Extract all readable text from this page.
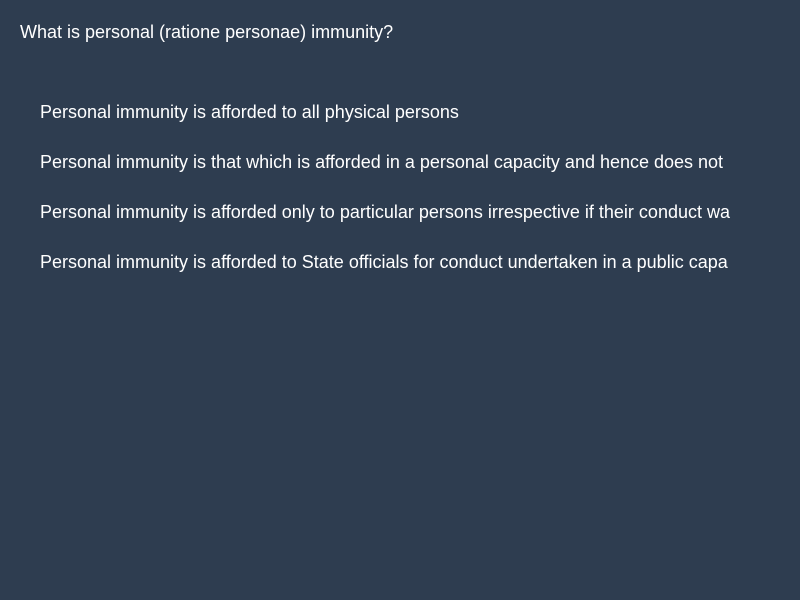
What is personal (ratione personae) immunity?
Personal immunity is afforded to all physical persons
Personal immunity is that which is afforded in a personal capacity and hence does not
Personal immunity is afforded only to particular persons irrespective if their conduct wa
Personal immunity is afforded to State officials for conduct undertaken in a public capa
